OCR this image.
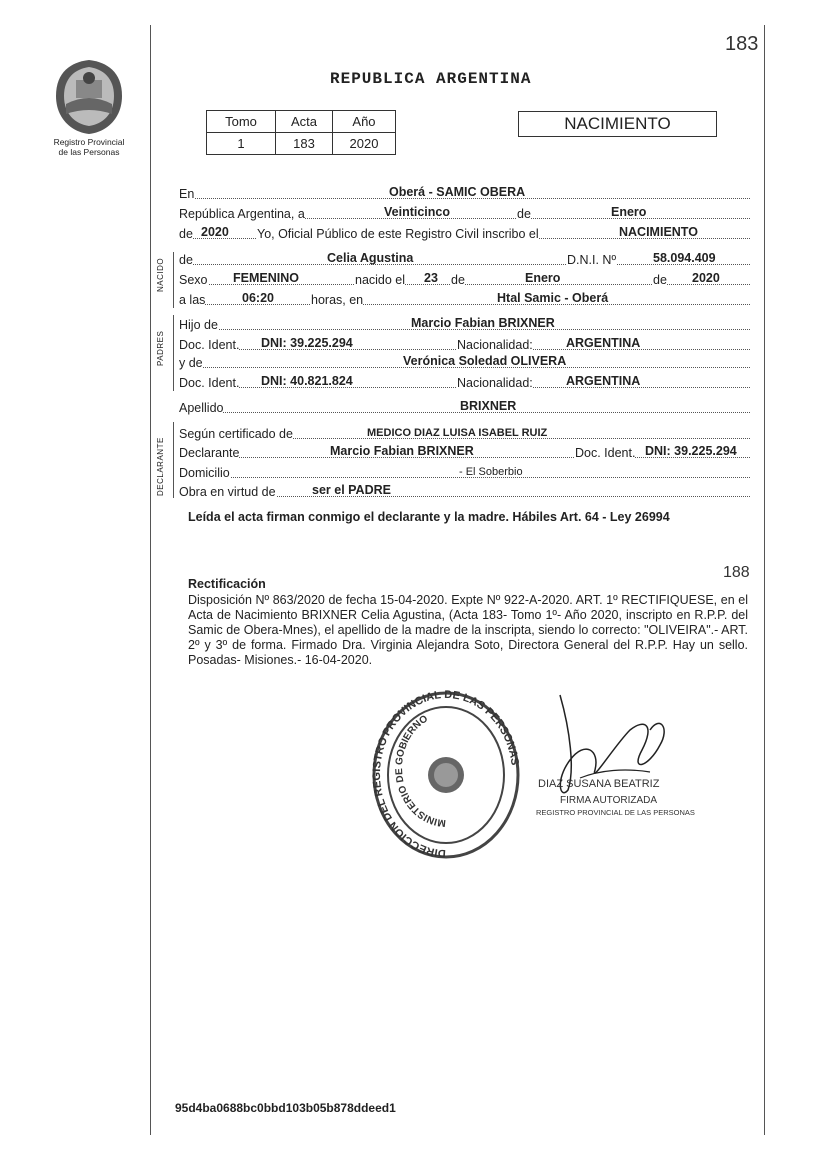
183
Registro Provincial
de las Personas
REPUBLICA ARGENTINA
Tomo	Acta	Año
1	183	2020
NACIMIENTO
En	Oberá - SAMIC OBERA
República Argentina, a	Veinticinco	de	Enero
de 2020 Yo, Oficial Público de este Registro Civil inscribo el	NACIMIENTO
NACIDO de	Celia Agustina	D.N.I. Nº	58.094.409
Sexo FEMENINO	nacido el 23 de	Enero	de 2020
a las	06:20	horas, en	Htal Samic - Oberá
PADRES
Hijo de	Marcio Fabian BRIXNER
Doc. Ident. DNI: 39.225.294	Nacionalidad:	ARGENTINA
y de	Verónica Soledad OLIVERA
Doc. Ident. DNI: 40.821.824	Nacionalidad:	ARGENTINA
Apellido	BRIXNER
DECLARANTE
Según certificado de	MEDICO DIAZ LUISA ISABEL RUIZ
Declarante	Marcio Fabian BRIXNER	Doc. Ident. DNI: 39.225.294
Domicilio	- El Soberbio
Obra en virtud de	ser el PADRE
Leída el acta firman conmigo el declarante y la madre. Hábiles Art. 64 - Ley 26994
188
Rectificación
Disposición Nº 863/2020 de fecha 15-04-2020. Expte Nº 922-A-2020. ART. 1º RECTIFIQUESE, en el Acta de Nacimiento BRIXNER Celia Agustina, (Acta 183- Tomo 1º- Año 2020, inscripto en R.P.P. del Samic de Obera-Mnes), el apellido de la madre de la inscripta, siendo lo correcto: "OLIVEIRA".- ART. 2º y 3º de forma. Firmado Dra. Virginia Alejandra Soto, Directora General del R.P.P. Hay un sello. Posadas- Misiones.- 16-04-2020.
DIRECCION DEL REGISTRO PROVINCIAL DE LAS PERSONAS
MINISTERIO DE GOBIERNO
DIAZ SUSANA BEATRIZ
FIRMA AUTORIZADA
REGISTRO PROVINCIAL DE LAS PERSONAS
95d4ba0688bc0bbd103b05b878ddeed1
